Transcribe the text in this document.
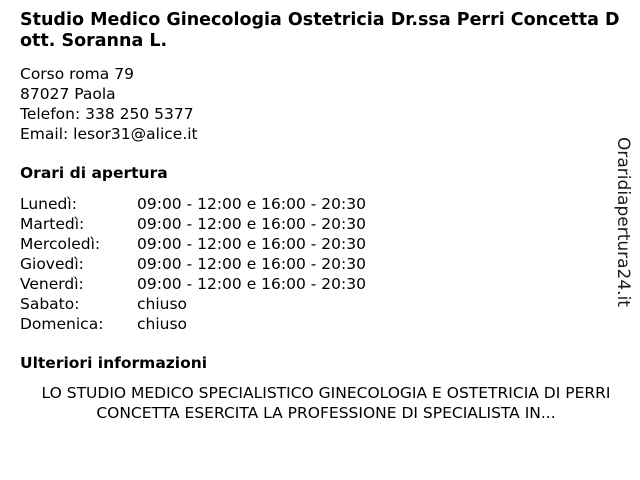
Studio Medico Ginecologia Ostetricia Dr.ssa Perri Concetta Dott. Soranna L.
Corso roma 79
87027 Paola
Telefon: 338 250 5377
Email: lesor31@alice.it
Orari di apertura
Lunedì:	09:00 - 12:00 e 16:00 - 20:30
Martedì:	09:00 - 12:00 e 16:00 - 20:30
Mercoledì: 09:00 - 12:00 e 16:00 - 20:30
Giovedì:	09:00 - 12:00 e 16:00 - 20:30
Venerdì:	09:00 - 12:00 e 16:00 - 20:30
Sabato:	chiuso
Domenica: chiuso
Ulteriori informazioni

LO STUDIO MEDICO SPECIALISTICO GINECOLOGIA E OSTETRICIA DI PERRI CONCETTA ESERCITA LA PROFESSIONE DI SPECIALISTA IN...

Oraridiapertura24.it
